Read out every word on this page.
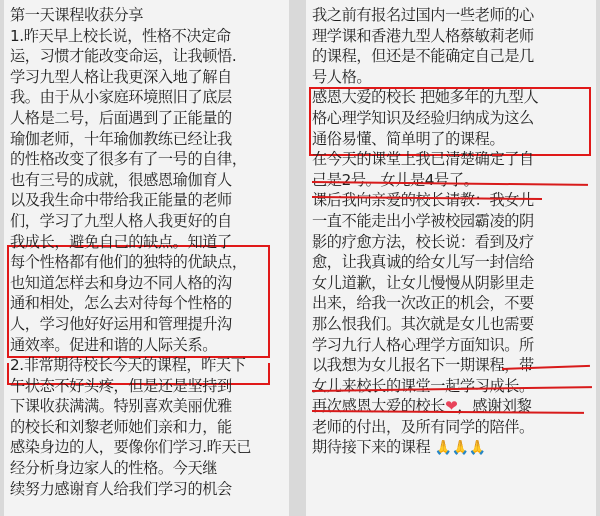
第一天课程收获分享
1.昨天早上校长说，性格不决定命
运，习惯才能改变命运，让我顿悟.
学习九型人格让我更深入地了解自
我。由于从小家庭环境照旧了底层
人格是二号，后面遇到了正能量的
瑜伽老师，十年瑜伽教练已经让我
的性格改变了很多有了一号的自律，
也有三号的成就，很感恩瑜伽育人
以及我生命中带给我正能量的老师
们，学习了九型人格人我更好的自
我成长，避免自己的缺点。知道了
每个性格都有他们的独特的优缺点，
也知道怎样去和身边不同人格的沟
通和相处，怎么去对待每个性格的
人，学习他好好运用和管理提升沟
通效率。促进和谐的人际关系。
2.非常期待校长今天的课程，昨天下
午状态不好头疼，但是还是坚持到
下课收获满满。特别喜欢美丽优雅
的校长和刘黎老师她们亲和力，能
感染身边的人，要像你们学习.昨天已
经分析身边家人的性格。今天继
续努力感谢育人给我们学习的机会
我之前有报名过国内一些老师的心
理学课和香港九型人格蔡敏莉老师
的课程，但还是不能确定自己是几
号人格。
感恩大爱的校长 把她多年的九型人
格心理学知识及经验归纳成为这么
通俗易懂、简单明了的课程。
在今天的课堂上我已清楚确定了自
己是2号。女儿是4号了。
课后我向亲爱的校长请教：我女儿
一直不能走出小学被校园霸凌的阴
影的疗愈方法，校长说：看到及疗
愈，让我真诚的给女儿写一封信给
女儿道歉，让女儿慢慢从阴影里走
出来，给我一次改正的机会，不要
那么恨我们。其次就是女儿也需要
学习九行人格心理学方面知识。所
以我想为女儿报名下一期课程，带
女儿来校长的课堂一起学习成长。
再次感恩大爱的校长❤，感谢刘黎
老师的付出，及所有同学的陪伴。
期待接下来的课程 🙏🙏🙏
